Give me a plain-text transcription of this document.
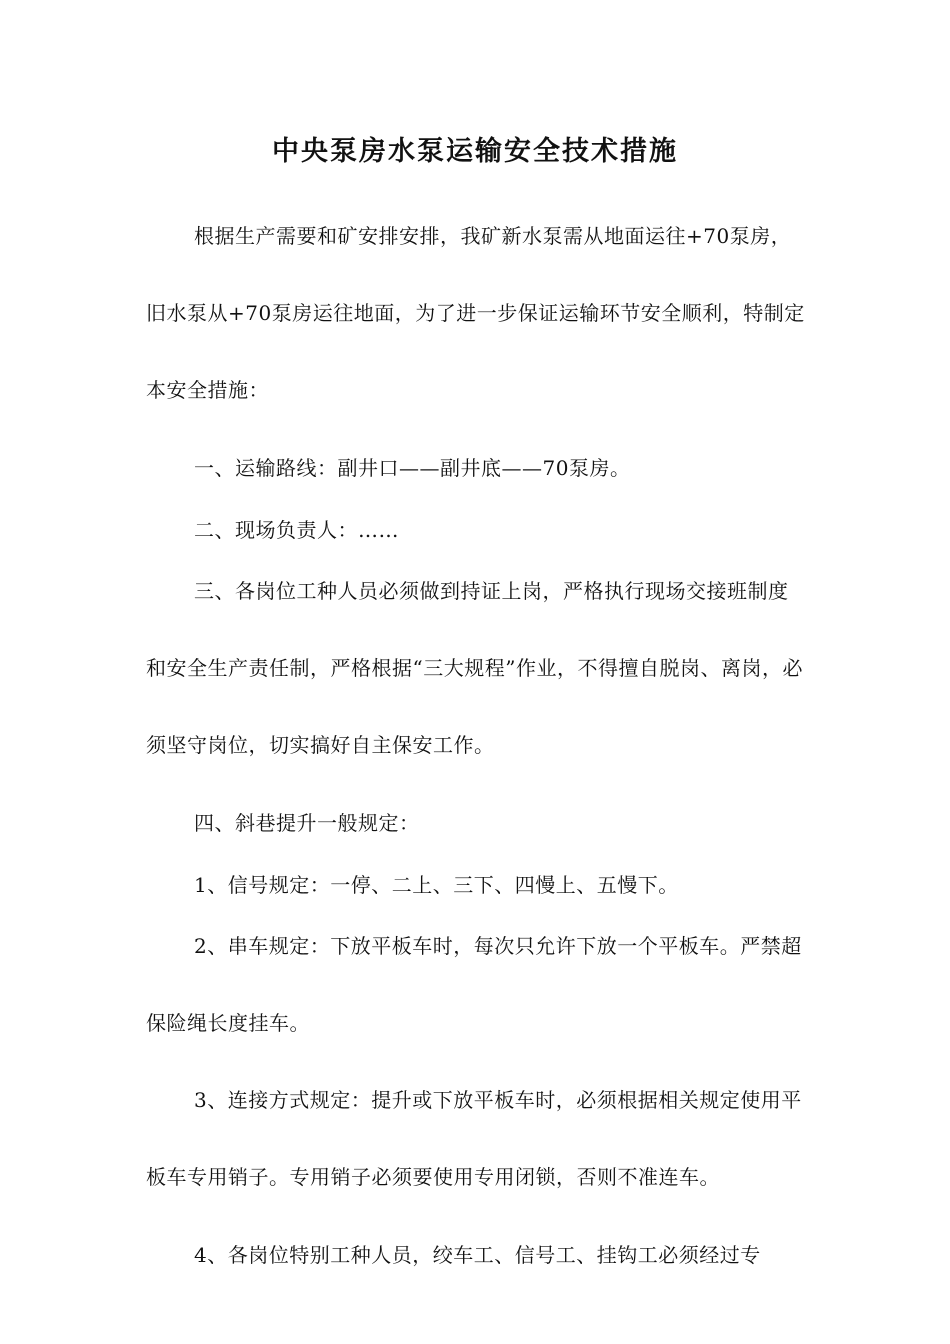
中央泵房水泵运输安全技术措施

根据生产需要和矿安排安排，我矿新水泵需从地面运往+70泵房，旧水泵从+70泵房运往地面，为了进一步保证运输环节安全顺利，特制定本安全措施：

一、运输路线：副井口——副井底——70泵房。

二、现场负责人：……

三、各岗位工种人员必须做到持证上岗，严格执行现场交接班制度和安全生产责任制，严格根据“三大规程”作业，不得擅自脱岗、离岗，必须坚守岗位，切实搞好自主保安工作。

四、斜巷提升一般规定：

1、信号规定：一停、二上、三下、四慢上、五慢下。

2、串车规定：下放平板车时，每次只允许下放一个平板车。严禁超保险绳长度挂车。

3、连接方式规定：提升或下放平板车时，必须根据相关规定使用平板车专用销子。专用销子必须要使用专用闭锁，否则不准连车。

4、各岗位特别工种人员，绞车工、信号工、挂钩工必须经过专
